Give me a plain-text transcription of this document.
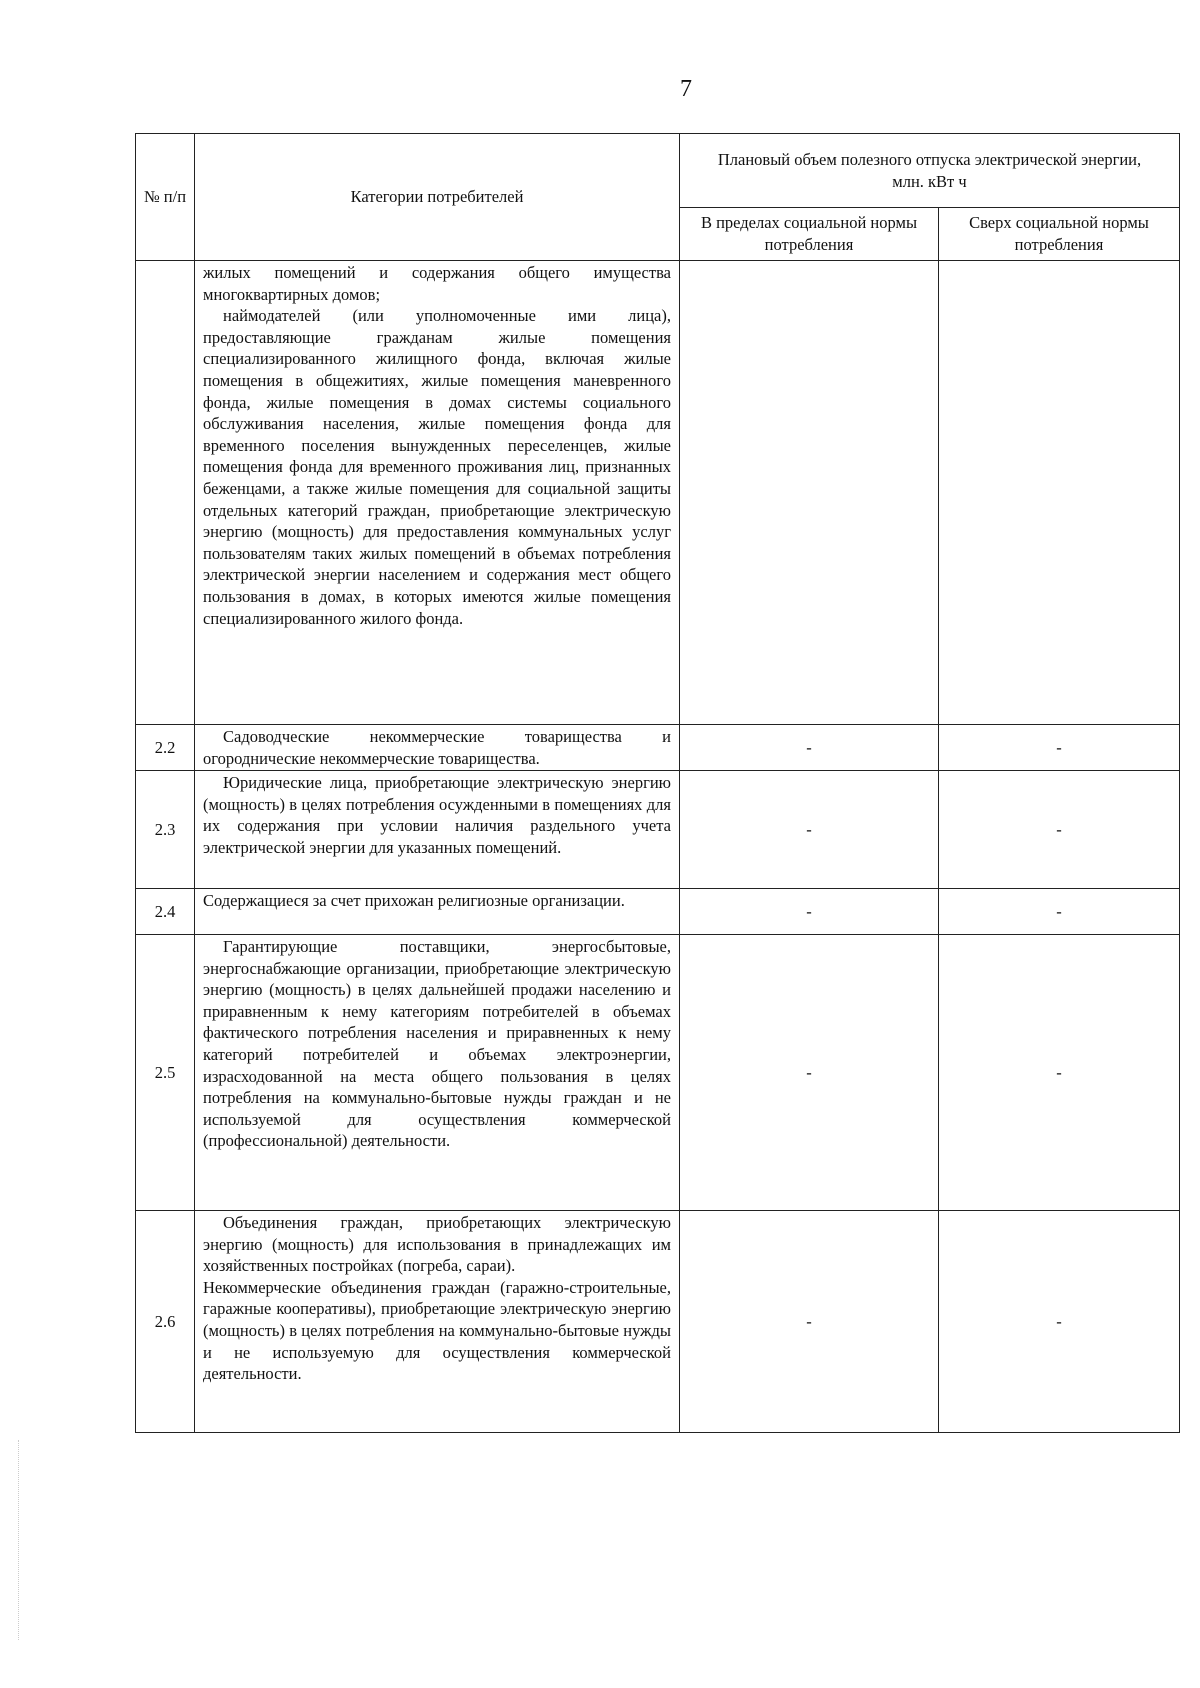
7
№ п/п	Категории потребителей	Плановый объем полезного отпуска электрической энергии, млн. кВт ч	
		В пределах социальной нормы потребления	Сверх социальной нормы потребления

	жилых помещений и содержания общего имущества многоквартирных домов;

наймодателей (или уполномоченные ими лица), предоставляющие гражданам жилые помещения специализированного жилищного фонда, включая жилые помещения в общежитиях, жилые помещения маневренного фонда, жилые помещения в домах системы социального обслуживания населения, жилые помещения фонда для временного поселения вынужденных переселенцев, жилые помещения фонда для временного проживания лиц, признанных беженцами, а также жилые помещения для социальной защиты отдельных категорий граждан, приобретающие электрическую энергию (мощность) для предоставления коммунальных услуг пользователям таких жилых помещений в объемах потребления электрической энергии населением и содержания мест общего пользования в домах, в которых имеются жилые помещения специализированного жилого фонда.		

2.2	Садоводческие некоммерческие товарищества и огороднические некоммерческие товарищества.	-	-
2.3	Юридические лица, приобретающие электрическую энергию (мощность) в целях потребления осужденными в помещениях для их содержания при условии наличия раздельного учета электрической энергии для указанных помещений.	-	-
2.4	Содержащиеся за счет прихожан религиозные организации.	-	-
2.5	Гарантирующие поставщики, энергосбытовые, энергоснабжающие организации, приобретающие электрическую энергию (мощность) в целях дальнейшей продажи населению и приравненным к нему категориям потребителей в объемах фактического потребления населения и приравненных к нему категорий потребителей и объемах электроэнергии, израсходованной на места общего пользования в целях потребления на коммунально-бытовые нужды граждан и не используемой для осуществления коммерческой (профессиональной) деятельности.	-	-
2.6	Объединения граждан, приобретающих электрическую энергию (мощность) для использования в принадлежащих им хозяйственных постройках (погреба, сараи).

Некоммерческие объединения граждан (гаражно-строительные, гаражные кооперативы), приобретающие электрическую энергию (мощность) в целях потребления на коммунально-бытовые нужды и не используемую для осуществления коммерческой деятельности.	-	-
